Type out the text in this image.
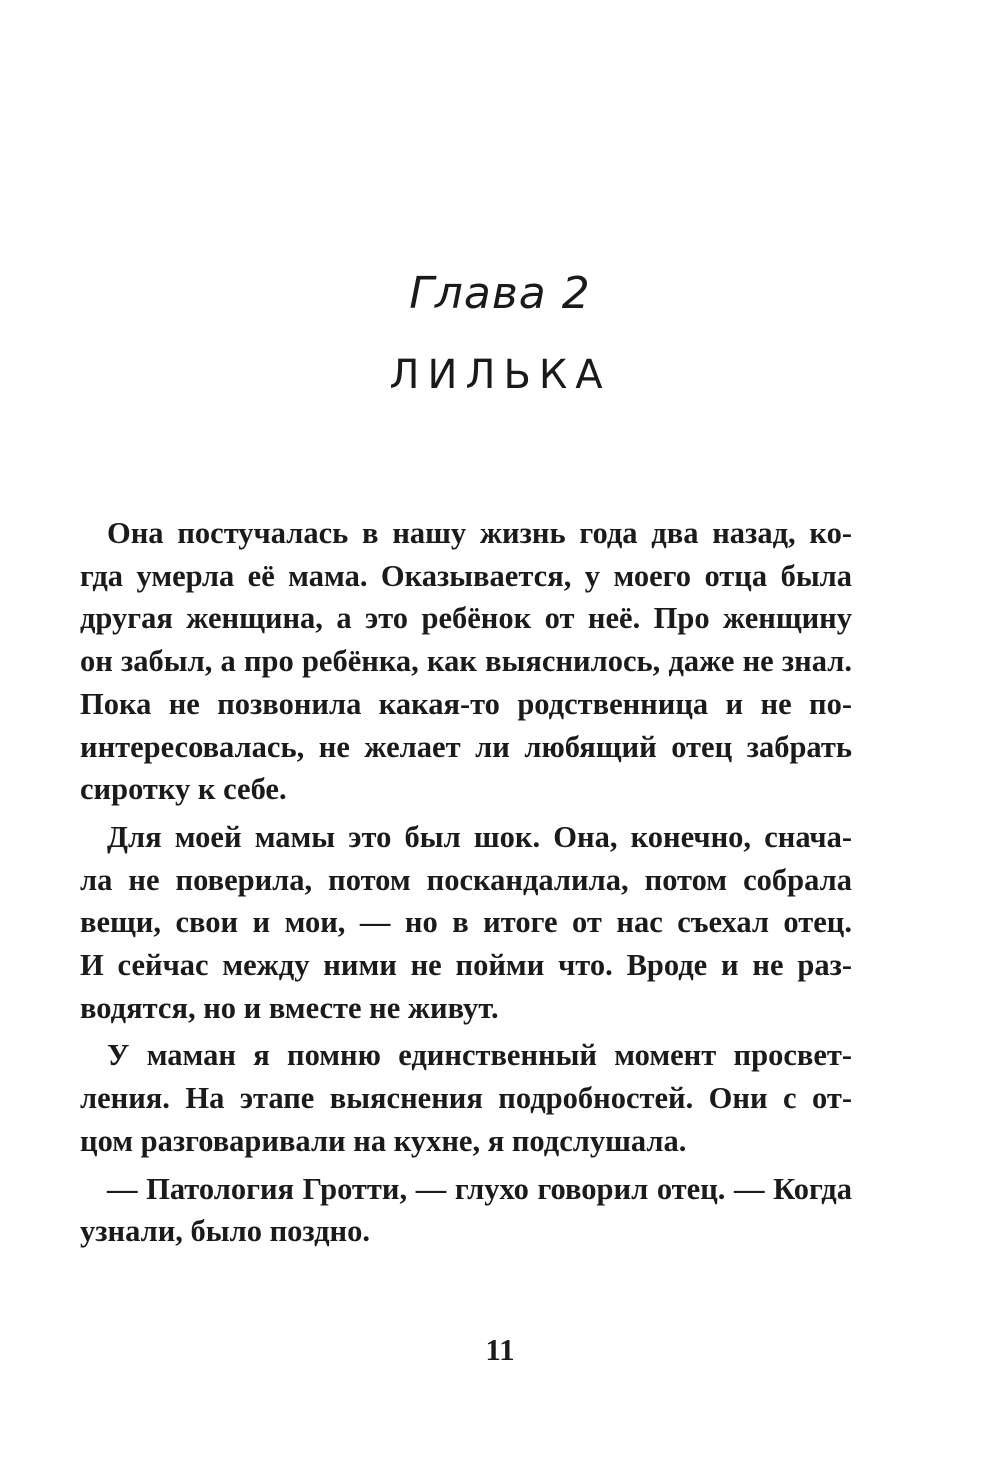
Глава 2
ЛИЛЬКА
Она постучалась в нашу жизнь года два назад, ко-
гда умерла её мама. Оказывается, у моего отца была
другая женщина, а это ребёнок от неё. Про женщину
он забыл, а про ребёнка, как выяснилось, даже не знал.
Пока не позвонила какая-то родственница и не по-
интересовалась, не желает ли любящий отец забрать
сиротку к себе.
Для моей мамы это был шок. Она, конечно, снача-
ла не поверила, потом поскандалила, потом собрала
вещи, свои и мои, — но в итоге от нас съехал отец.
И сейчас между ними не пойми что. Вроде и не раз-
водятся, но и вместе не живут.
У маман я помню единственный момент просвет-
ления. На этапе выяснения подробностей. Они с от-
цом разговаривали на кухне, я подслушала.
— Патология Гротти, — глухо говорил отец. — Когда
узнали, было поздно.
11
